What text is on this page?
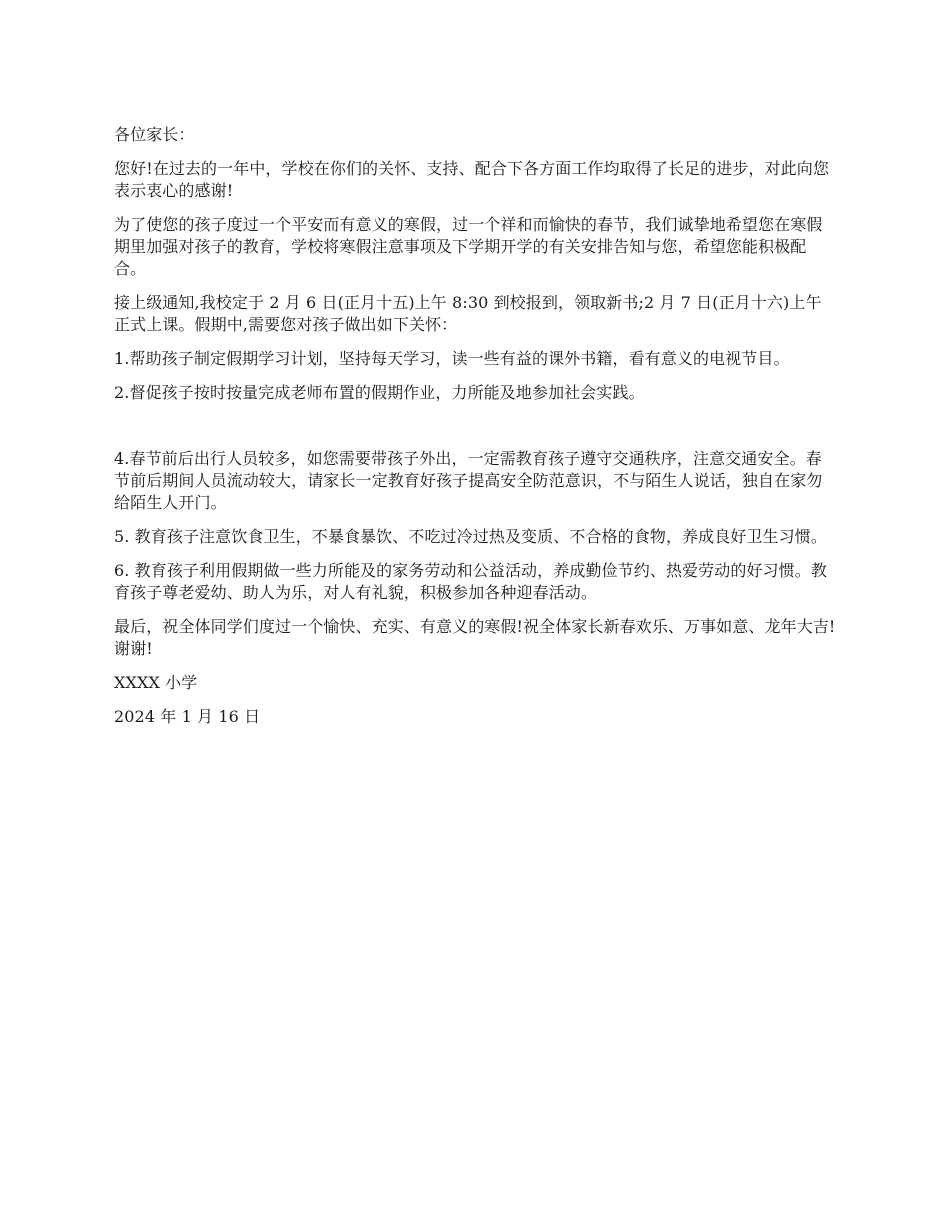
各位家长：

您好!在过去的一年中，学校在你们的关怀、支持、配合下各方面工作均取得了长足的进步，对此向您表示衷心的感谢!

为了使您的孩子度过一个平安而有意义的寒假，过一个祥和而愉快的春节，我们诚挚地希望您在寒假期里加强对孩子的教育，学校将寒假注意事项及下学期开学的有关安排告知与您，希望您能积极配合。

接上级通知,我校定于 2 月 6 日(正月十五)上午 8:30 到校报到，领取新书;2 月 7 日(正月十六)上午正式上课。假期中,需要您对孩子做出如下关怀：

1.帮助孩子制定假期学习计划，坚持每天学习，读一些有益的课外书籍，看有意义的电视节目。

2.督促孩子按时按量完成老师布置的假期作业，力所能及地参加社会实践。

4.春节前后出行人员较多，如您需要带孩子外出，一定需教育孩子遵守交通秩序，注意交通安全。春节前后期间人员流动较大，请家长一定教育好孩子提高安全防范意识，不与陌生人说话，独自在家勿给陌生人开门。

5. 教育孩子注意饮食卫生，不暴食暴饮、不吃过冷过热及变质、不合格的食物，养成良好卫生习惯。

6. 教育孩子利用假期做一些力所能及的家务劳动和公益活动，养成勤俭节约、热爱劳动的好习惯。教育孩子尊老爱幼、助人为乐，对人有礼貌，积极参加各种迎春活动。

最后，祝全体同学们度过一个愉快、充实、有意义的寒假!祝全体家长新春欢乐、万事如意、龙年大吉!谢谢!

XXXX 小学

2024 年 1 月 16 日
